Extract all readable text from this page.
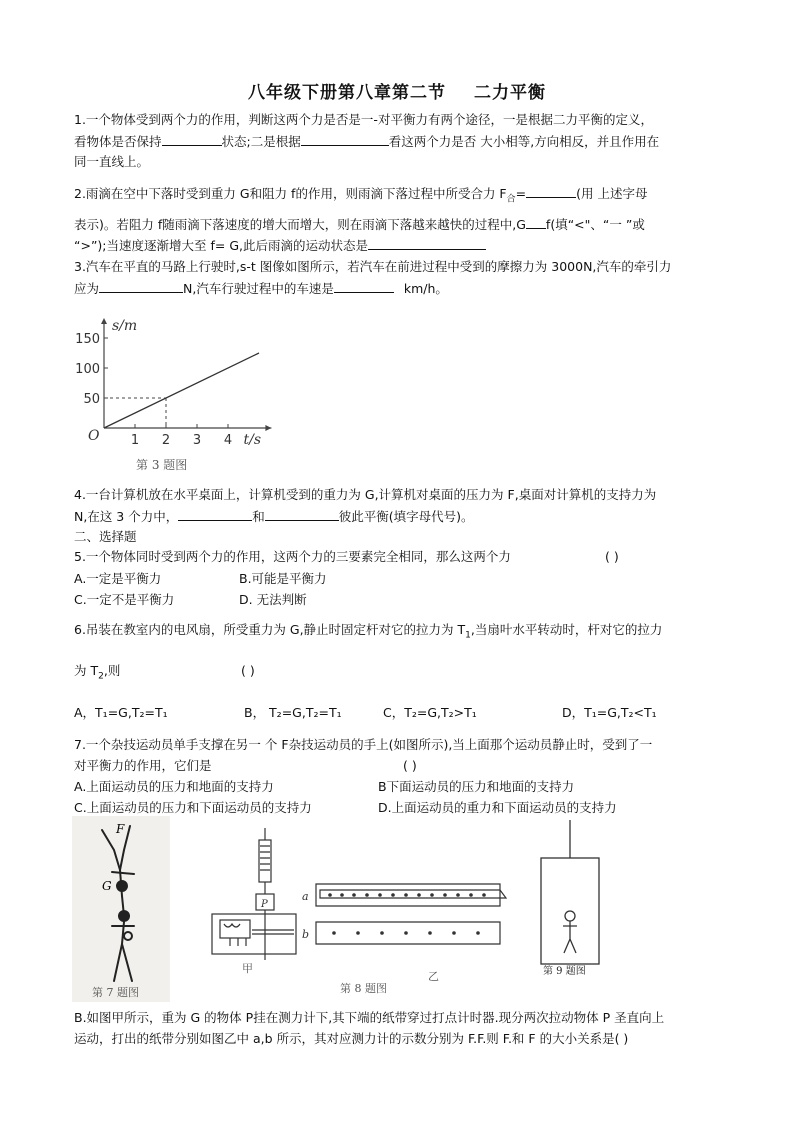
八年级下册第八章第二节 二力平衡
1.一个物体受到两个力的作用，判断这两个力是否是一-对平衡力有两个途径，一是根据二力平衡的定义，
看物体是否保持	状态;二是根据	看这两个力是否 大小相等,方向相反，并且作用在
同一直线上。
2.雨滴在空中下落时受到重力 G和阻力 f的作用，则雨滴下落过程中所受合力 $F_合=$	(用 上述字母
表示)。若阻力 f随雨滴下落速度的增大而增大，则在雨滴下落越来越快的过程中,G f(填“<"、“一 ”或
“>”);当速度逐渐增大至 f= G,此后雨滴的运动状态是
3.汽车在平直的马路上行驶时,s-t 图像如图所示，若汽车在前进过程中受到的摩擦力为 3000N,汽车的牵引力
应为	N,汽车行驶过程中的车速是	km/h。
1 2 3 4
50
100
150
s/m
t/s
O
第 3 题图
4.一台计算机放在水平桌面上，计算机受到的重力为 G,计算机对桌面的压力为 F,桌面对计算机的支持力为
N,在这 3 个力中，	和	彼此平衡(填字母代号)。
二、选择题
5.一个物体同时受到两个力的作用，这两个力的三要素完全相同，那么这两个力	( )
A.一定是平衡力	B.可能是平衡力
C.一定不是平衡力	D. 无法判断
6.吊装在教室内的电风扇，所受重力为 G,静止时固定杆对它的拉力为 $T_1$,当扇叶水平转动时，杆对它的拉力
为 $T_2$,则	( )
A，T₁=G,T₂=T₁	B， T₂=G,T₂=T₁	C，T₂=G,T₂>T₁	D，T₁=G,T₂<T₁
7.一个杂技运动员单手支撑在另一 个 F杂技运动员的手上(如图所示),当上面那个运动员静止时，受到了一
对平衡力的作用，它们是	( )
A.上面运动员的压力和地面的支持力	B下面运动员的压力和地面的支持力
C.上面运动员的压力和下面运动员的支持力	D.上面运动员的重力和下面运动员的支持力
F
G
第 7 题图
P
a
b
甲
乙
第 8 题图
第 9 题图
B.如图甲所示，重为 G 的物体 P挂在测力计下,其下端的纸带穿过打点计时器.现分两次拉动物体 P 圣直向上
运动，打出的纸带分别如图乙中 a,b 所示，其对应测力计的示数分别为 F.F.则 F.和 F 的大小关系是( )
